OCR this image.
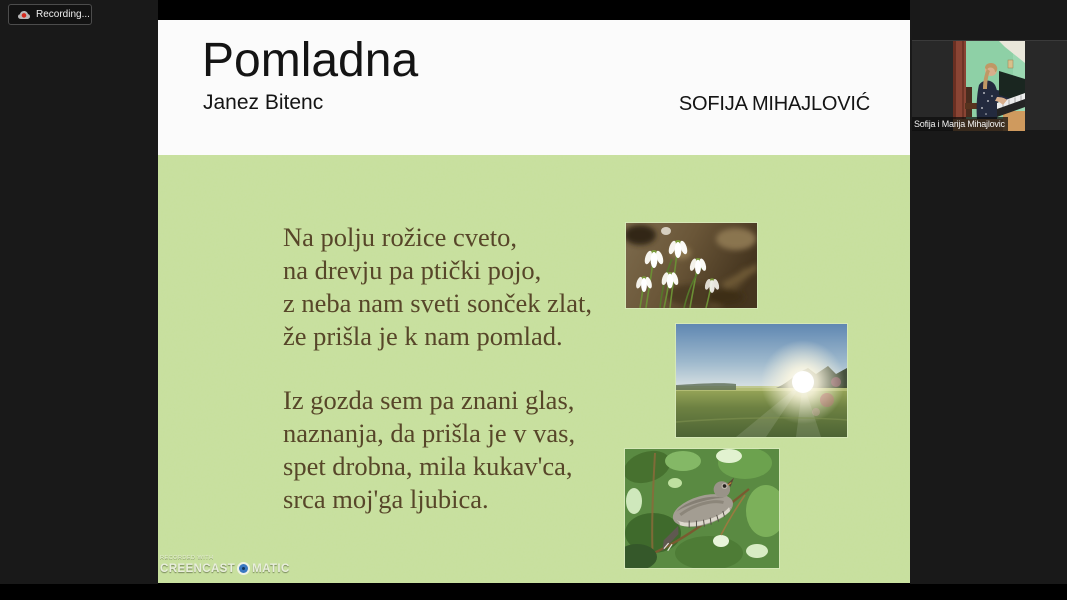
Pomladna
Janez Bitenc	SOFIJA MIHAJLOVIĆ
Na polju rožice cveto,
na drevju pa ptički pojo,
z neba nam sveti sonček zlat,
že prišla je k nam pomlad.
Iz gozda sem pa znani glas,
naznanja, da prišla je v vas,
spet drobna, mila kukav'ca,
srca moj'ga ljubica.
RECORDED WITH
CREENCAST MATIC
Recording...
Sofija i Marija Mihajlovic
